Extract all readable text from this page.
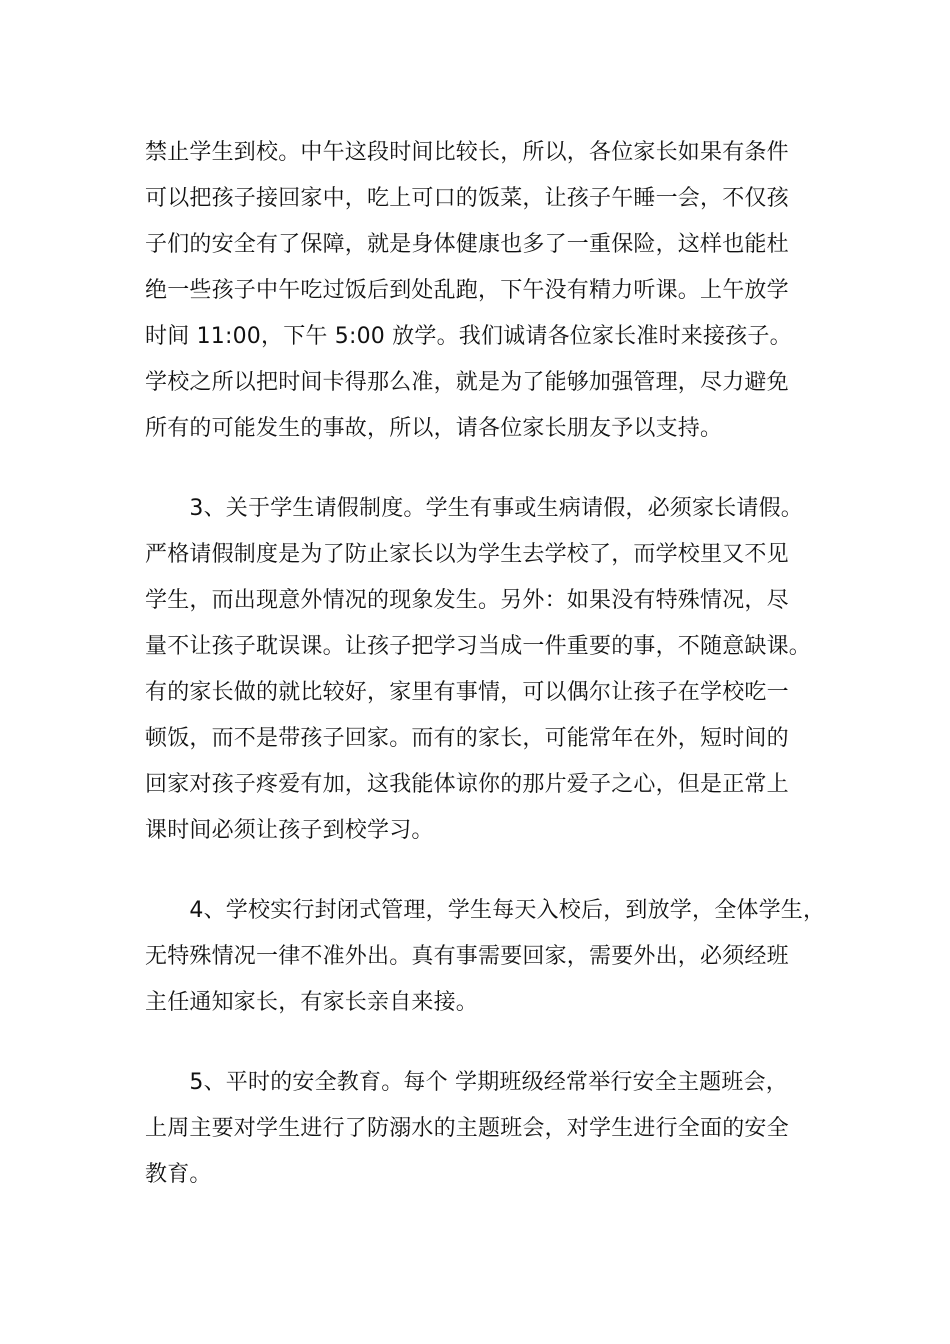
禁止学生到校。中午这段时间比较长，所以，各位家长如果有条件
可以把孩子接回家中，吃上可口的饭菜，让孩子午睡一会，不仅孩
子们的安全有了保障，就是身体健康也多了一重保险，这样也能杜
绝一些孩子中午吃过饭后到处乱跑，下午没有精力听课。上午放学
时间 11:00，下午 5:00 放学。我们诚请各位家长准时来接孩子。
学校之所以把时间卡得那么准，就是为了能够加强管理，尽力避免
所有的可能发生的事故，所以，请各位家长朋友予以支持。
　　3、关于学生请假制度。学生有事或生病请假，必须家长请假。
严格请假制度是为了防止家长以为学生去学校了，而学校里又不见
学生，而出现意外情况的现象发生。另外：如果没有特殊情况，尽
量不让孩子耽误课。让孩子把学习当成一件重要的事，不随意缺课。
有的家长做的就比较好，家里有事情，可以偶尔让孩子在学校吃一
顿饭，而不是带孩子回家。而有的家长，可能常年在外，短时间的
回家对孩子疼爱有加，这我能体谅你的那片爱子之心，但是正常上
课时间必须让孩子到校学习。
　　4、学校实行封闭式管理，学生每天入校后，到放学，全体学生，
无特殊情况一律不准外出。真有事需要回家，需要外出，必须经班
主任通知家长，有家长亲自来接。
　　5、平时的安全教育。每个 学期班级经常举行安全主题班会，
上周主要对学生进行了防溺水的主题班会，对学生进行全面的安全
教育。
